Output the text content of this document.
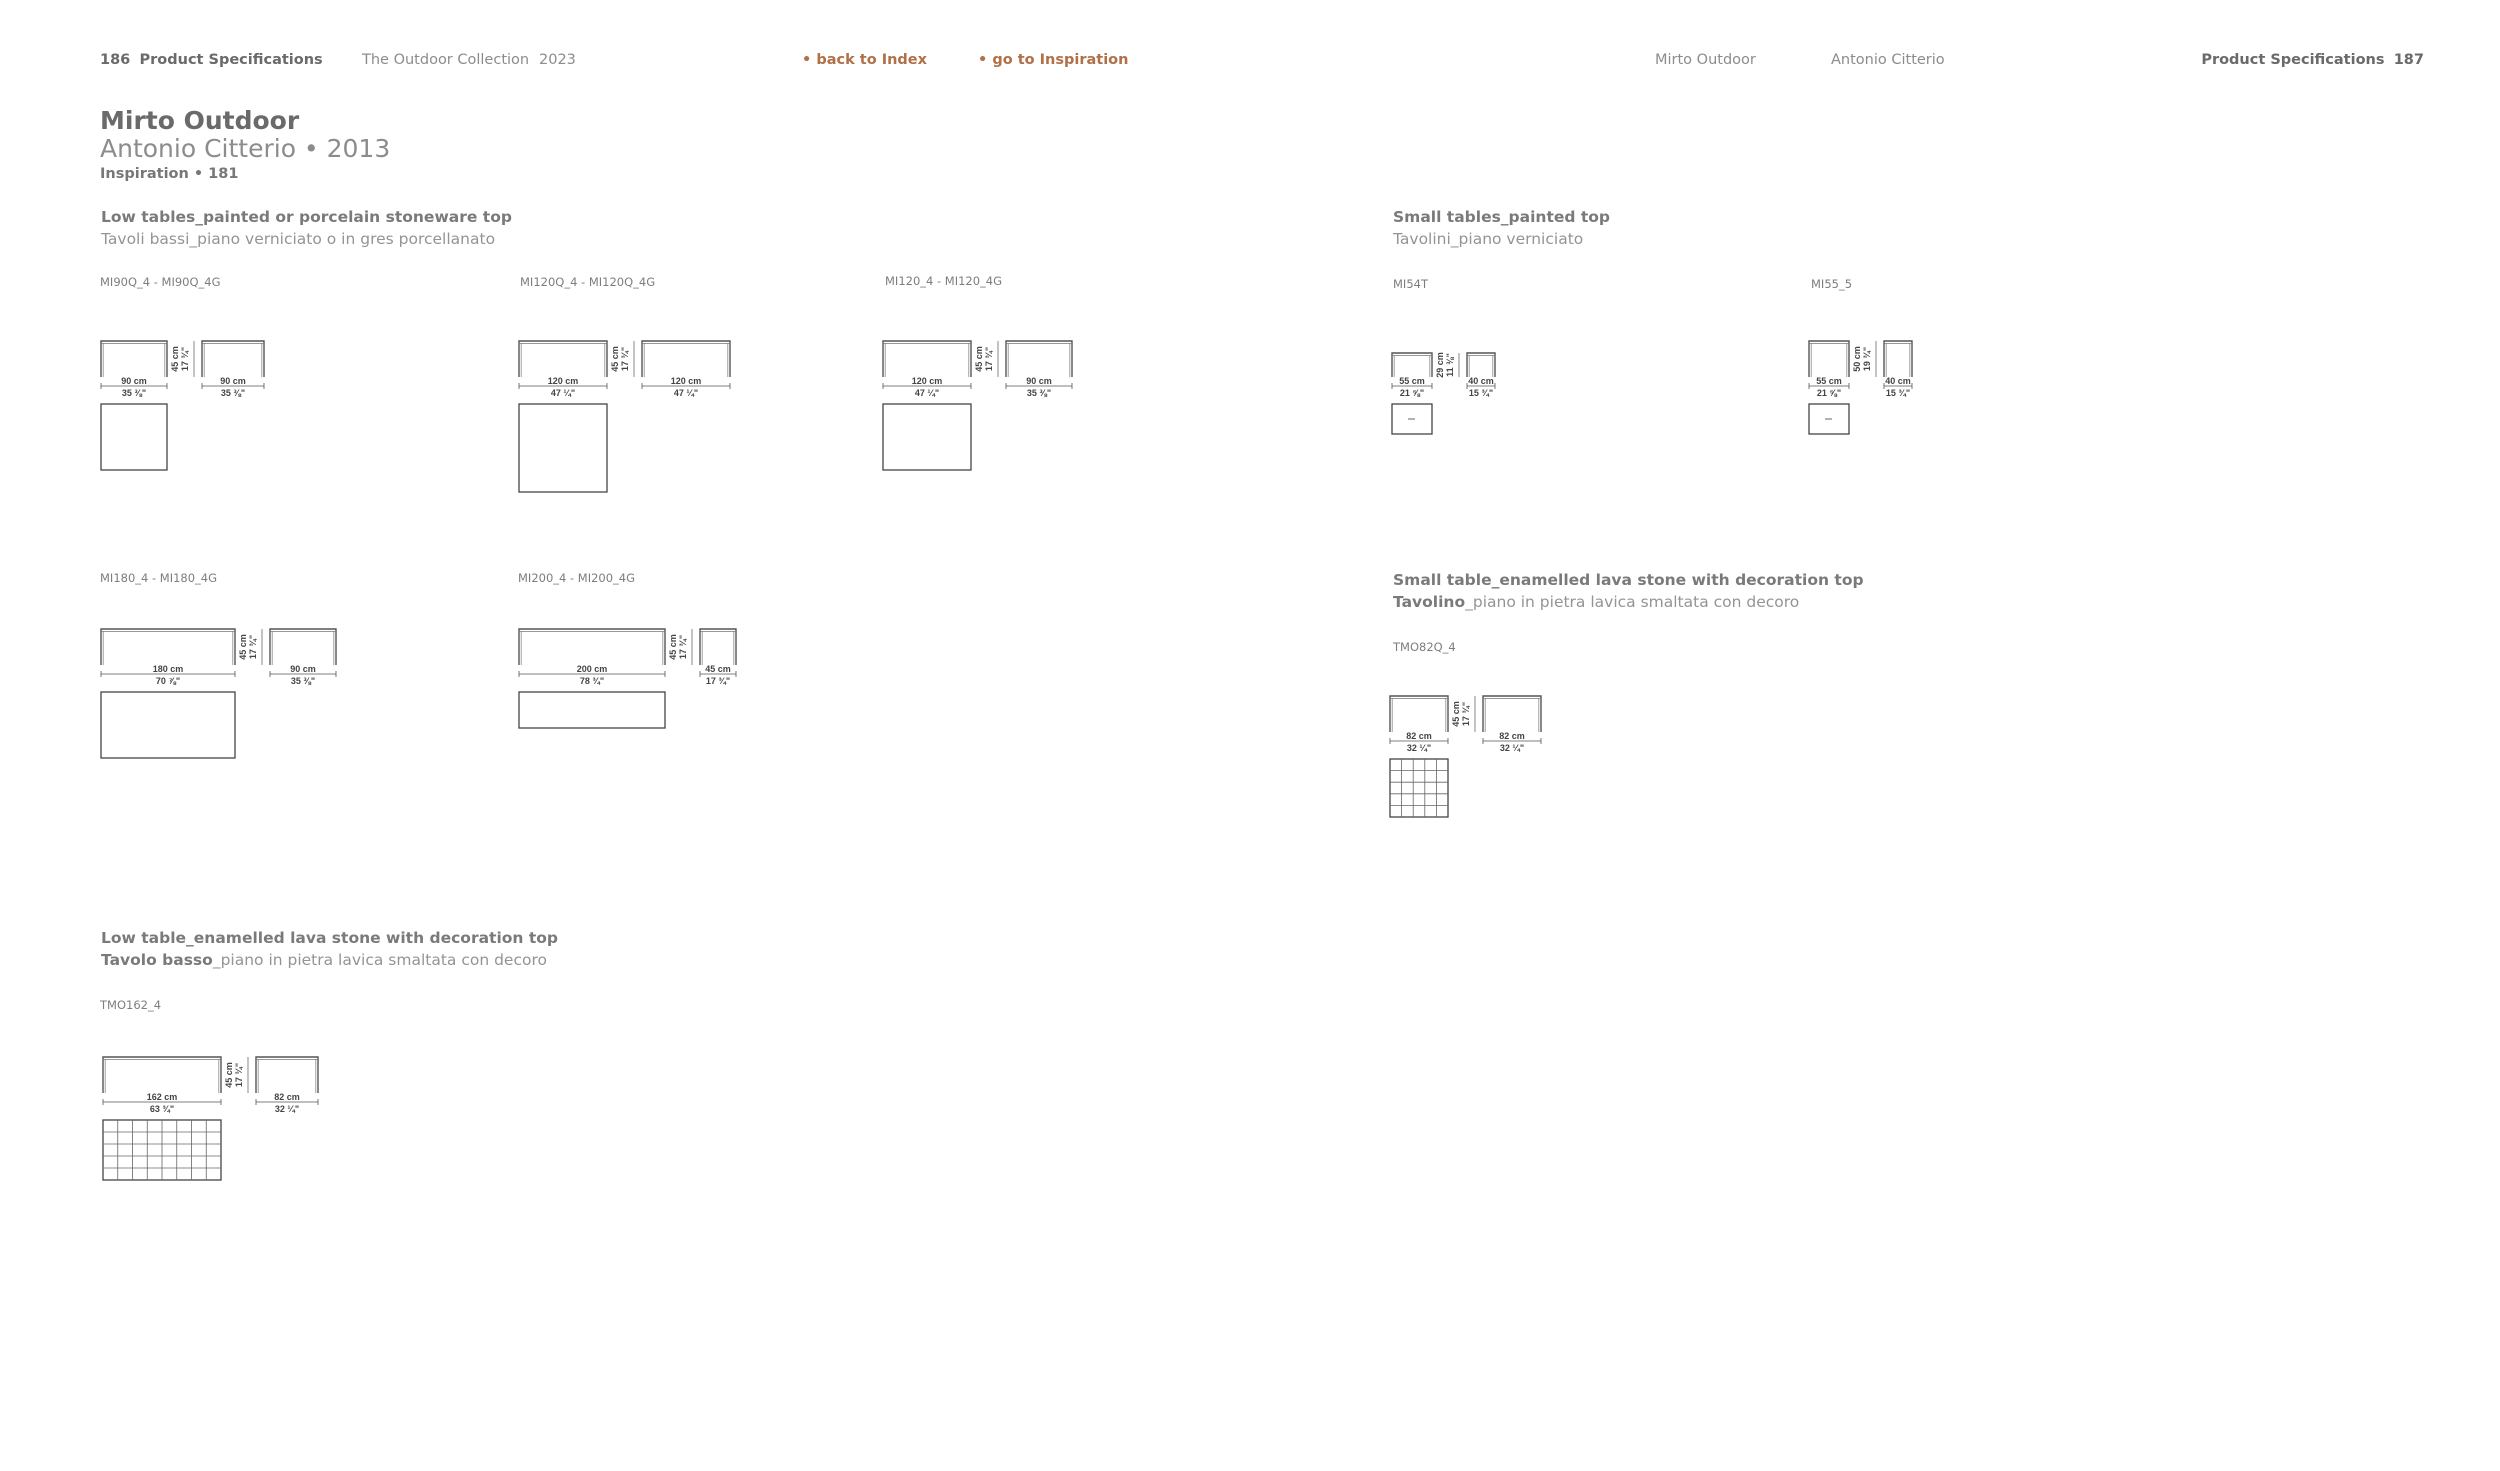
186 Product Specifications	The Outdoor Collection 2023	• back to Index	• go to Inspiration	Mirto Outdoor	Antonio Citterio	Product Specifications 187
Mirto Outdoor
Antonio Citterio • 2013
Inspiration • 181
Low tables_painted or porcelain stoneware top
Tavoli bassi_piano verniciato o in gres porcellanato
Small tables_painted top
Tavolini_piano verniciato
Small table_enamelled lava stone with decoration top
Tavolino_piano in pietra lavica smaltata con decoro
Low table_enamelled lava stone with decoration top
Tavolo basso_piano in pietra lavica smaltata con decoro
MI90Q_4 - MI90Q_4G	MI120Q_4 - MI120Q_4G	MI120_4 - MI120_4G
MI180_4 - MI180_4G	MI200_4 - MI200_4G
TMO162_4
MI54T	MI55_5
TMO82Q_4
45 cm 17 ¾"
90 cm
35 ⅜"
90 cm
35 ⅜"
45 cm 17 ¾"
120 cm
47 ¼"
120 cm
47 ¼"
45 cm 17 ¾"
120 cm
47 ¼"
90 cm
35 ⅜"
45 cm 17 ¾"
180 cm
70 ⅞"
90 cm
35 ⅜"
45 cm 17 ¾"
200 cm
78 ¾"
45 cm
17 ¾"
45 cm 17 ¾"
162 cm
63 ¾"
82 cm
32 ¼"
29 cm 11 ⅜"
55 cm
21 ⅝"
40 cm
15 ¾"
50 cm 19 ¾"
55 cm
21 ⅝"
40 cm
15 ¾"
45 cm 17 ¾"
82 cm
32 ¼"
82 cm
32 ¼"
